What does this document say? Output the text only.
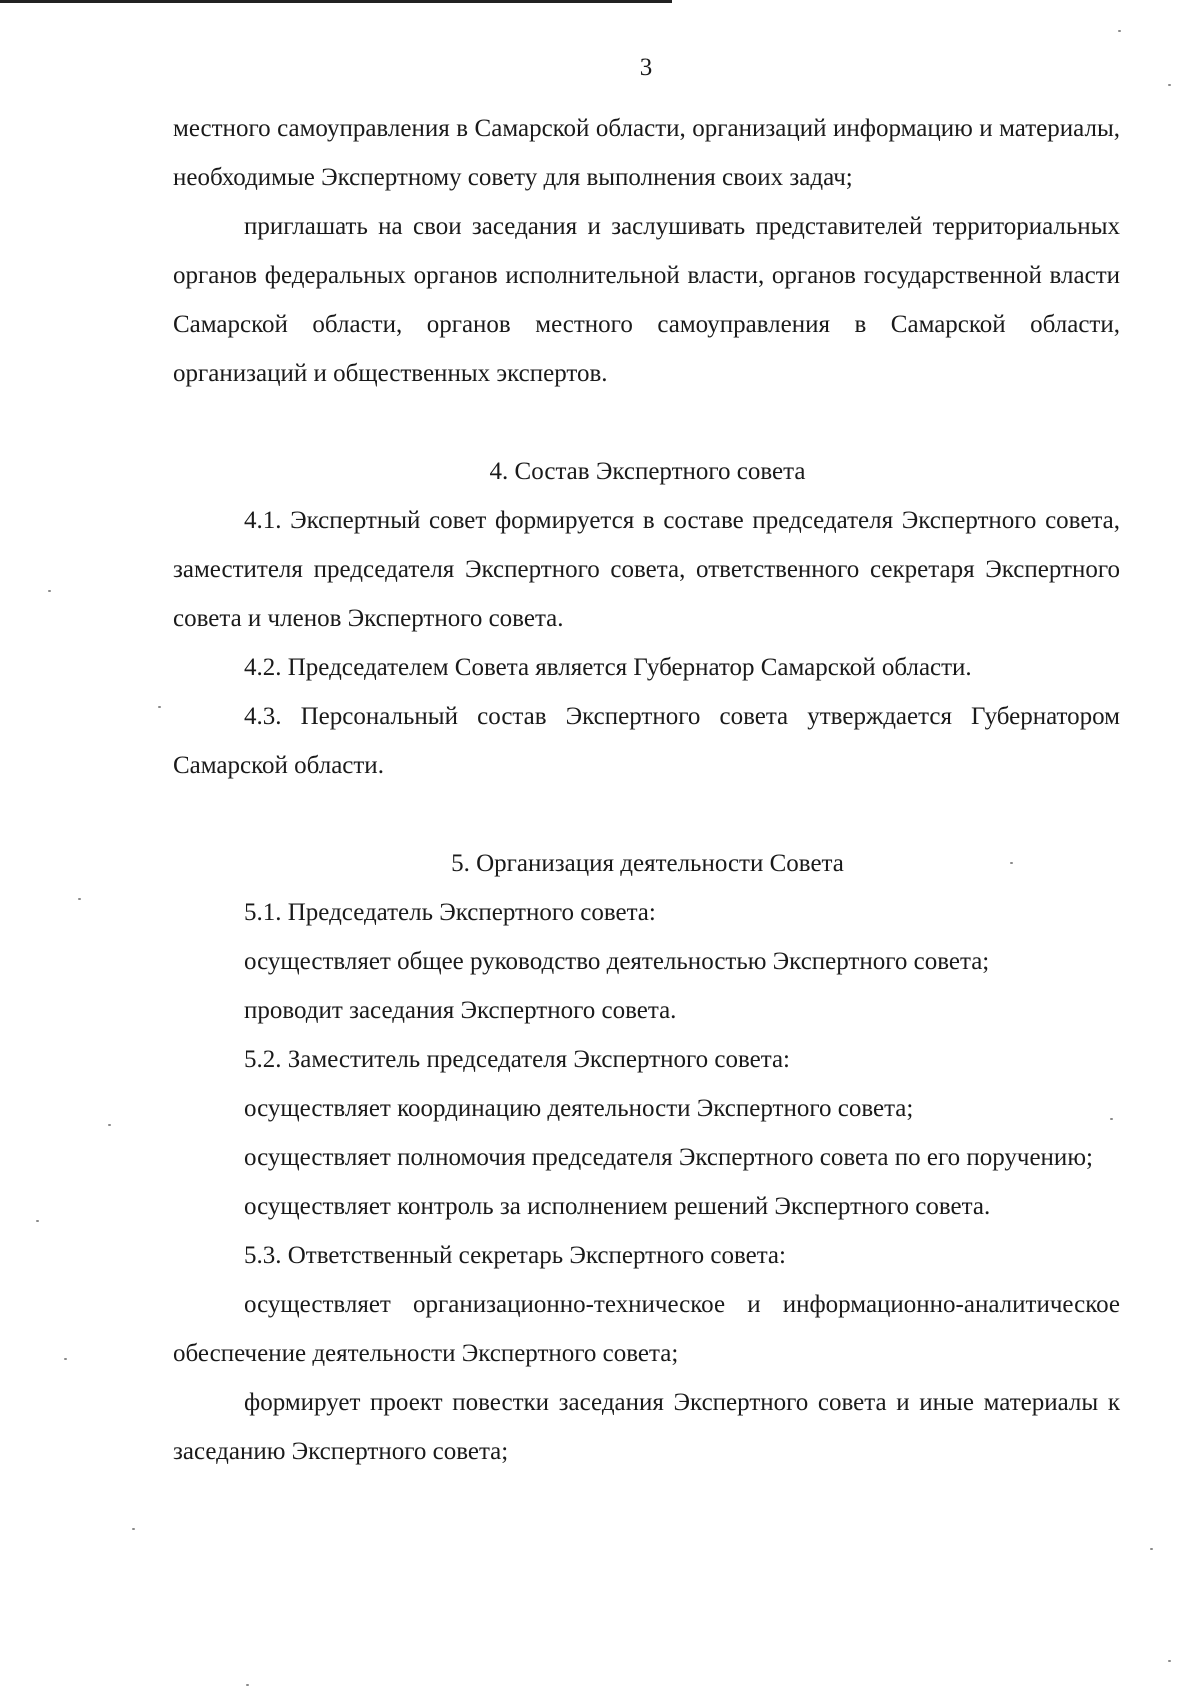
3

местного самоуправления в Самарской области, организаций информацию и материалы, необходимые Экспертному совету для выполнения своих задач;

приглашать на свои заседания и заслушивать представителей территориальных органов федеральных органов исполнительной власти, органов государственной власти Самарской области, органов местного самоуправления в Самарской области, организаций и общественных экспертов.

4. Состав Экспертного совета

4.1. Экспертный совет формируется в составе председателя Экспертного совета, заместителя председателя Экспертного совета, ответственного секретаря Экспертного совета и членов Экспертного совета.

4.2. Председателем Совета является Губернатор Самарской области.

4.3. Персональный состав Экспертного совета утверждается Губернатором Самарской области.

5. Организация деятельности Совета

5.1. Председатель Экспертного совета:

осуществляет общее руководство деятельностью Экспертного совета;

проводит заседания Экспертного совета.

5.2. Заместитель председателя Экспертного совета:

осуществляет координацию деятельности Экспертного совета;

осуществляет полномочия председателя Экспертного совета по его поручению;

осуществляет контроль за исполнением решений Экспертного совета.

5.3. Ответственный секретарь Экспертного совета:

осуществляет организационно-техническое и информационно-аналитическое обеспечение деятельности Экспертного совета;

формирует проект повестки заседания Экспертного совета и иные материалы к заседанию Экспертного совета;
